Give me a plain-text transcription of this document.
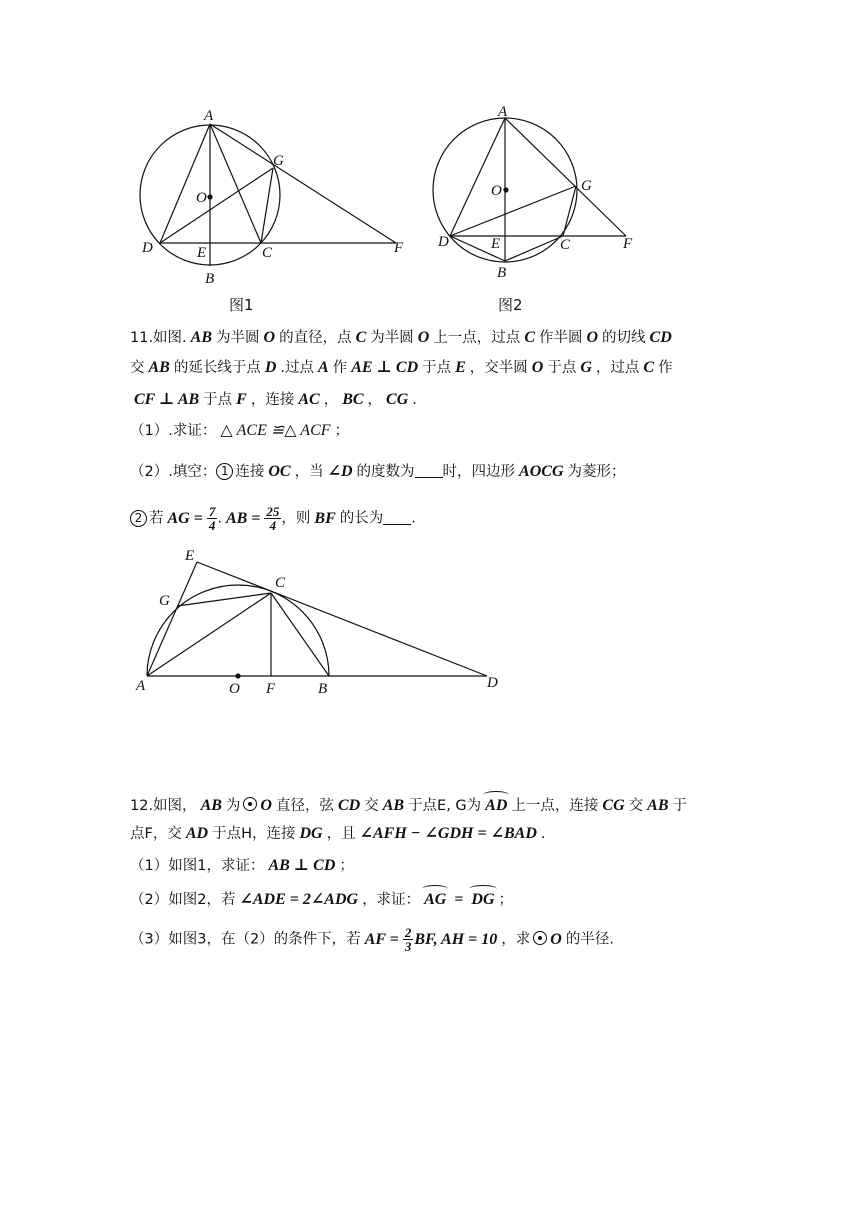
A
G
O
D	E	C
B
F
图1
A
G
O
D	E	C
B
F
图2
11.如图. AB 为半圆 O 的直径，点 C 为半圆 O 上一点，过点 C 作半圆 O 的切线 CD
交 AB 的延长线于点 D .过点 A 作 AE ⊥ CD 于点 E ，交半圆 O 于点 G ，过点 C 作
CF ⊥ AB 于点 F ，连接 AC ， BC ， CG .
（1）.求证： △ ACE ≌△ ACF ；
（2）.填空： 1 连接 OC ，当 ∠D 的度数为 时，四边形 AOCG 为菱形；
2 若 AG = $\frac{7}{4}$ . AB = $\frac{25}{4}$ ，则 BF 的长为 .
E
C
G
A	O F	B	D
12.如图， AB 为 O 直径，弦 CD 交 AB 于点E, G为 AD 上一点，连接 CG 交 AB 于
点F，交 AD 于点H，连接 DG ，且 ∠AFH − ∠GDH = ∠BAD .
（1）如图1，求证： AB ⊥ CD ；
（2）如图2，若 ∠ADE = 2∠ADG ，求证： AG = DG ；
（3）如图3，在（2）的条件下，若 AF = $\frac{2}{3}$ BF, AH = 10 ，求 O 的半径.
